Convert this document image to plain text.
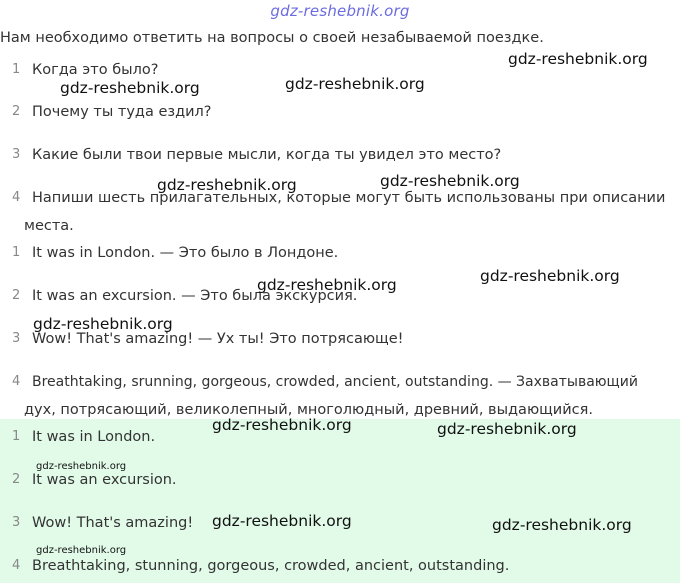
gdz-reshebnik.org
Нам необходимо ответить на вопросы о своей незабываемой поездке.
1 Когда это было?
2 Почему ты туда ездил?
3 Какие были твои первые мысли, когда ты увидел это место?
4 Напиши шесть прилагательных, которые могут быть использованы при описании
места.
1 It was in London. — Это было в Лондоне.
2 It was an excursion. — Это была экскурсия.
3 Wow! That's amazing! — Ух ты! Это потрясающе!
4 Breathtaking, srunning, gorgeous, crowded, ancient, outstanding. — Захватывающий
дух, потрясающий, великолепный, многолюдный, древний, выдающийся.
1 It was in London.
2 It was an excursion.
3 Wow! That's amazing!
4 Breathtaking, stunning, gorgeous, crowded, ancient, outstanding.
gdz-reshebnik.org
gdz-reshebnik.org	gdz-reshebnik.org
gdz-reshebnik.org	gdz-reshebnik.org
gdz-reshebnik.org	gdz-reshebnik.org
gdz-reshebnik.org
gdz-reshebnik.org	gdz-reshebnik.org
gdz-reshebnik.org
gdz-reshebnik.org	gdz-reshebnik.org
gdz-reshebnik.org
